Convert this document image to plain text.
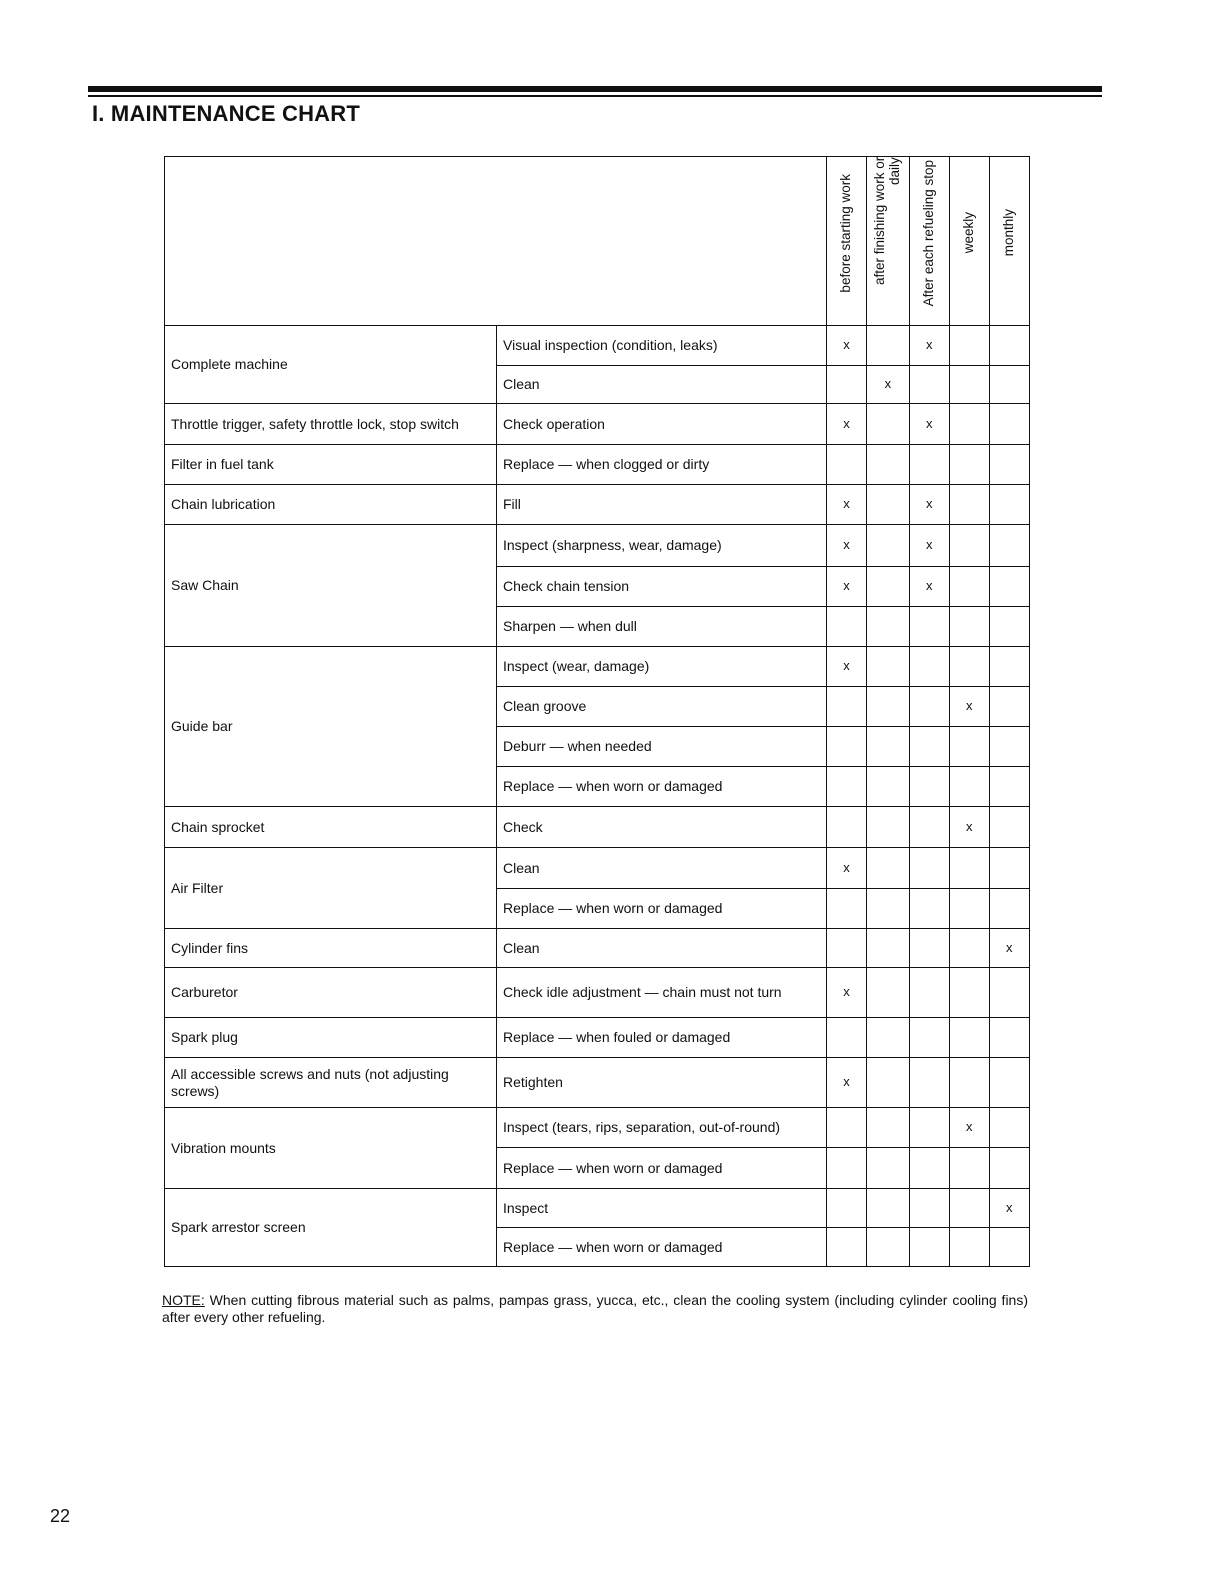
I. MAINTENANCE CHART

		before starting work	after finishing work or daily	After each refueling stop	weekly	monthly

Complete machine	Visual inspection (condition, leaks)	x		x		
	Clean		x			
Throttle trigger, safety throttle lock, stop switch	Check operation	x		x		
Filter in fuel tank	Replace — when clogged or dirty					
Chain lubrication	Fill	x		x		
Saw Chain	Inspect (sharpness, wear, damage)	x		x		
	Check chain tension	x		x		
	Sharpen — when dull					
Guide bar	Inspect (wear, damage)	x				
	Clean groove				x	
	Deburr — when needed					
	Replace — when worn or damaged					
Chain sprocket	Check				x	
Air Filter	Clean	x				
	Replace — when worn or damaged					
Cylinder fins	Clean					x
Carburetor	Check idle adjustment — chain must not turn	x				
Spark plug	Replace — when fouled or damaged					
All accessible screws and nuts (not adjusting screws)	Retighten	x				
Vibration mounts	Inspect (tears, rips, separation, out-of-round)				x	
	Replace — when worn or damaged					
Spark arrestor screen	Inspect					x
	Replace — when worn or damaged					

NOTE: When cutting fibrous material such as palms, pampas grass, yucca, etc., clean the cooling system (including cylinder cooling fins) after every other refueling.

22
